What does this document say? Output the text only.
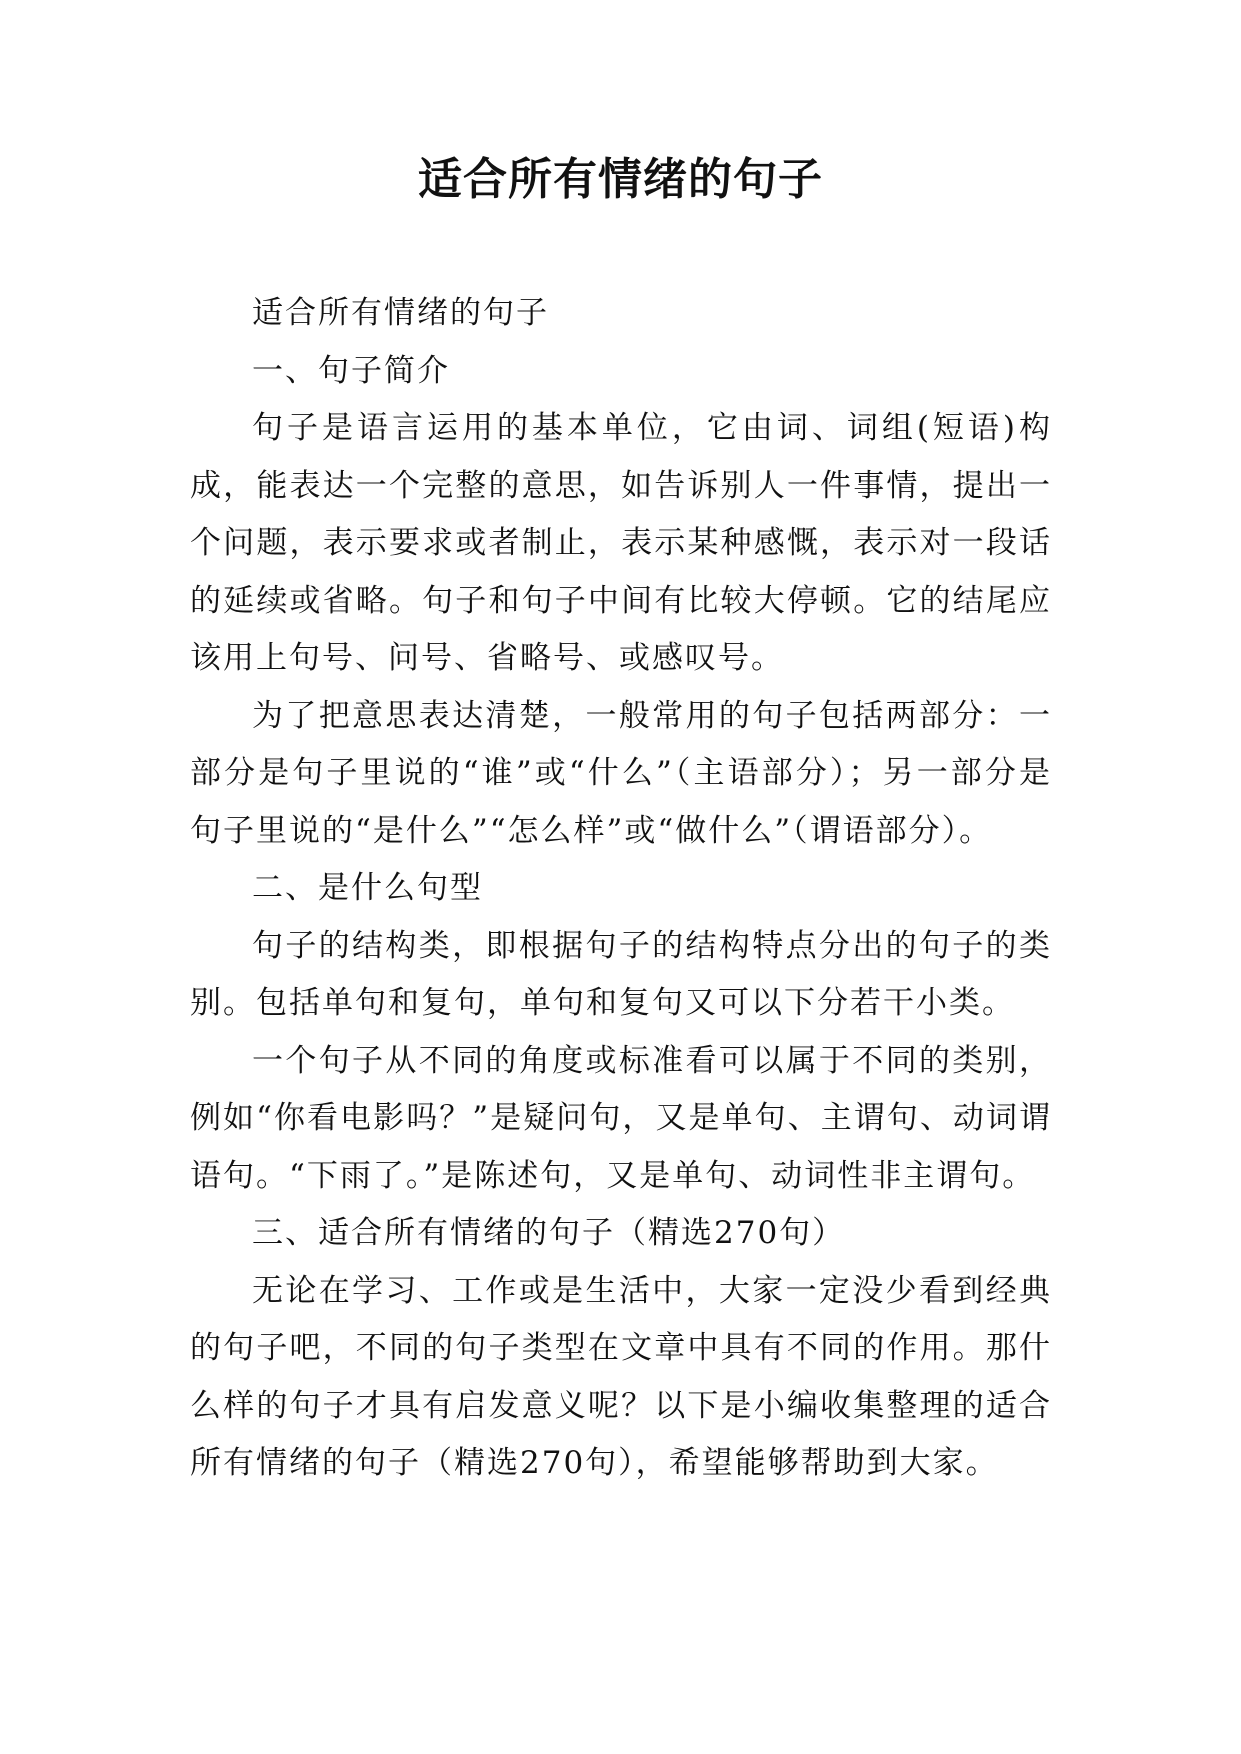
适合所有情绪的句子

适合所有情绪的句子

一、句子简介

句子是语言运用的基本单位，它由词、词组(短语)构成，能表达一个完整的意思，如告诉别人一件事情，提出一个问题，表示要求或者制止，表示某种感慨，表示对一段话的延续或省略。句子和句子中间有比较大停顿。它的结尾应该用上句号、问号、省略号、或感叹号。

为了把意思表达清楚，一般常用的句子包括两部分：一部分是句子里说的“谁”或“什么”（主语部分）；另一部分是句子里说的“是什么”“怎么样”或“做什么”（谓语部分）。

二、是什么句型

句子的结构类，即根据句子的结构特点分出的句子的类别。包括单句和复句，单句和复句又可以下分若干小类。

一个句子从不同的角度或标准看可以属于不同的类别，例如“你看电影吗？”是疑问句，又是单句、主谓句、动词谓语句。“下雨了。”是陈述句，又是单句、动词性非主谓句。

三、适合所有情绪的句子（精选270句）

无论在学习、工作或是生活中，大家一定没少看到经典的句子吧，不同的句子类型在文章中具有不同的作用。那什么样的句子才具有启发意义呢？以下是小编收集整理的适合所有情绪的句子（精选270句），希望能够帮助到大家。
